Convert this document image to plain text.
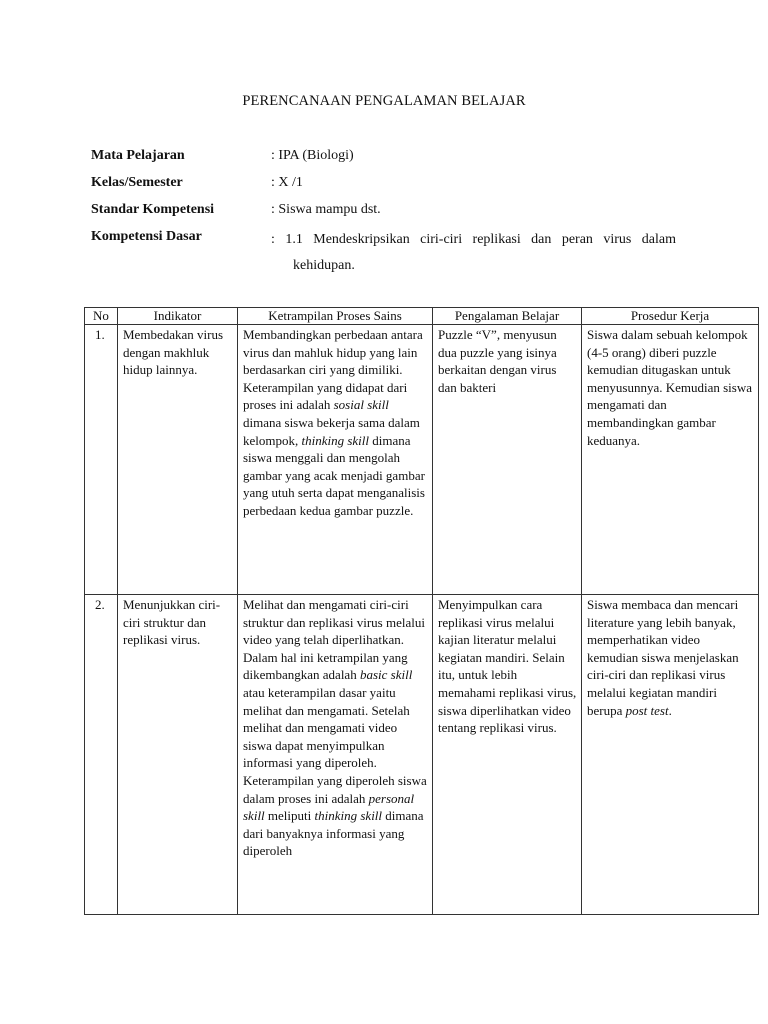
PERENCANAAN PENGALAMAN BELAJAR
Mata Pelajaran	: IPA (Biologi)
Kelas/Semester	: X /1
Standar Kompetensi	: Siswa mampu dst.
Kompetensi Dasar	: 1.1 Mendeskripsikan ciri-ciri replikasi dan peran virus dalam
kehidupan.
No	Indikator	Ketrampilan Proses Sains	Pengalaman Belajar	Prosedur Kerja
1.	Membedakan virus dengan makhluk hidup lainnya.	Membandingkan perbedaan antara virus dan mahluk hidup yang lain berdasarkan ciri yang dimiliki. Keterampilan yang didapat dari proses ini adalah sosial skill dimana siswa bekerja sama dalam kelompok, thinking skill dimana siswa menggali dan mengolah gambar yang acak menjadi gambar yang utuh serta dapat menganalisis perbedaan kedua gambar puzzle.	Puzzle “V”, menyusun dua puzzle yang isinya berkaitan dengan virus dan bakteri	Siswa dalam sebuah kelompok (4-5 orang) diberi puzzle kemudian ditugaskan untuk menyusunnya. Kemudian siswa mengamati dan membandingkan gambar keduanya.

2.	Menunjukkan ciri- ciri struktur dan replikasi virus.	Melihat dan mengamati ciri-ciri struktur dan replikasi virus melalui video yang telah diperlihatkan. Dalam hal ini ketrampilan yang dikembangkan adalah basic skill atau keterampilan dasar yaitu melihat dan mengamati. Setelah melihat dan mengamati video siswa dapat menyimpulkan informasi yang diperoleh. Keterampilan yang diperoleh siswa dalam proses ini adalah personal skill meliputi thinking skill dimana dari banyaknya informasi yang diperoleh	Menyimpulkan cara replikasi virus melalui kajian literatur melalui kegiatan mandiri. Selain itu, untuk lebih memahami replikasi virus, siswa diperlihatkan video tentang replikasi virus.	Siswa membaca dan mencari literature yang lebih banyak, memperhatikan video kemudian siswa menjelaskan ciri-ciri dan replikasi virus melalui kegiatan mandiri berupa post test.
